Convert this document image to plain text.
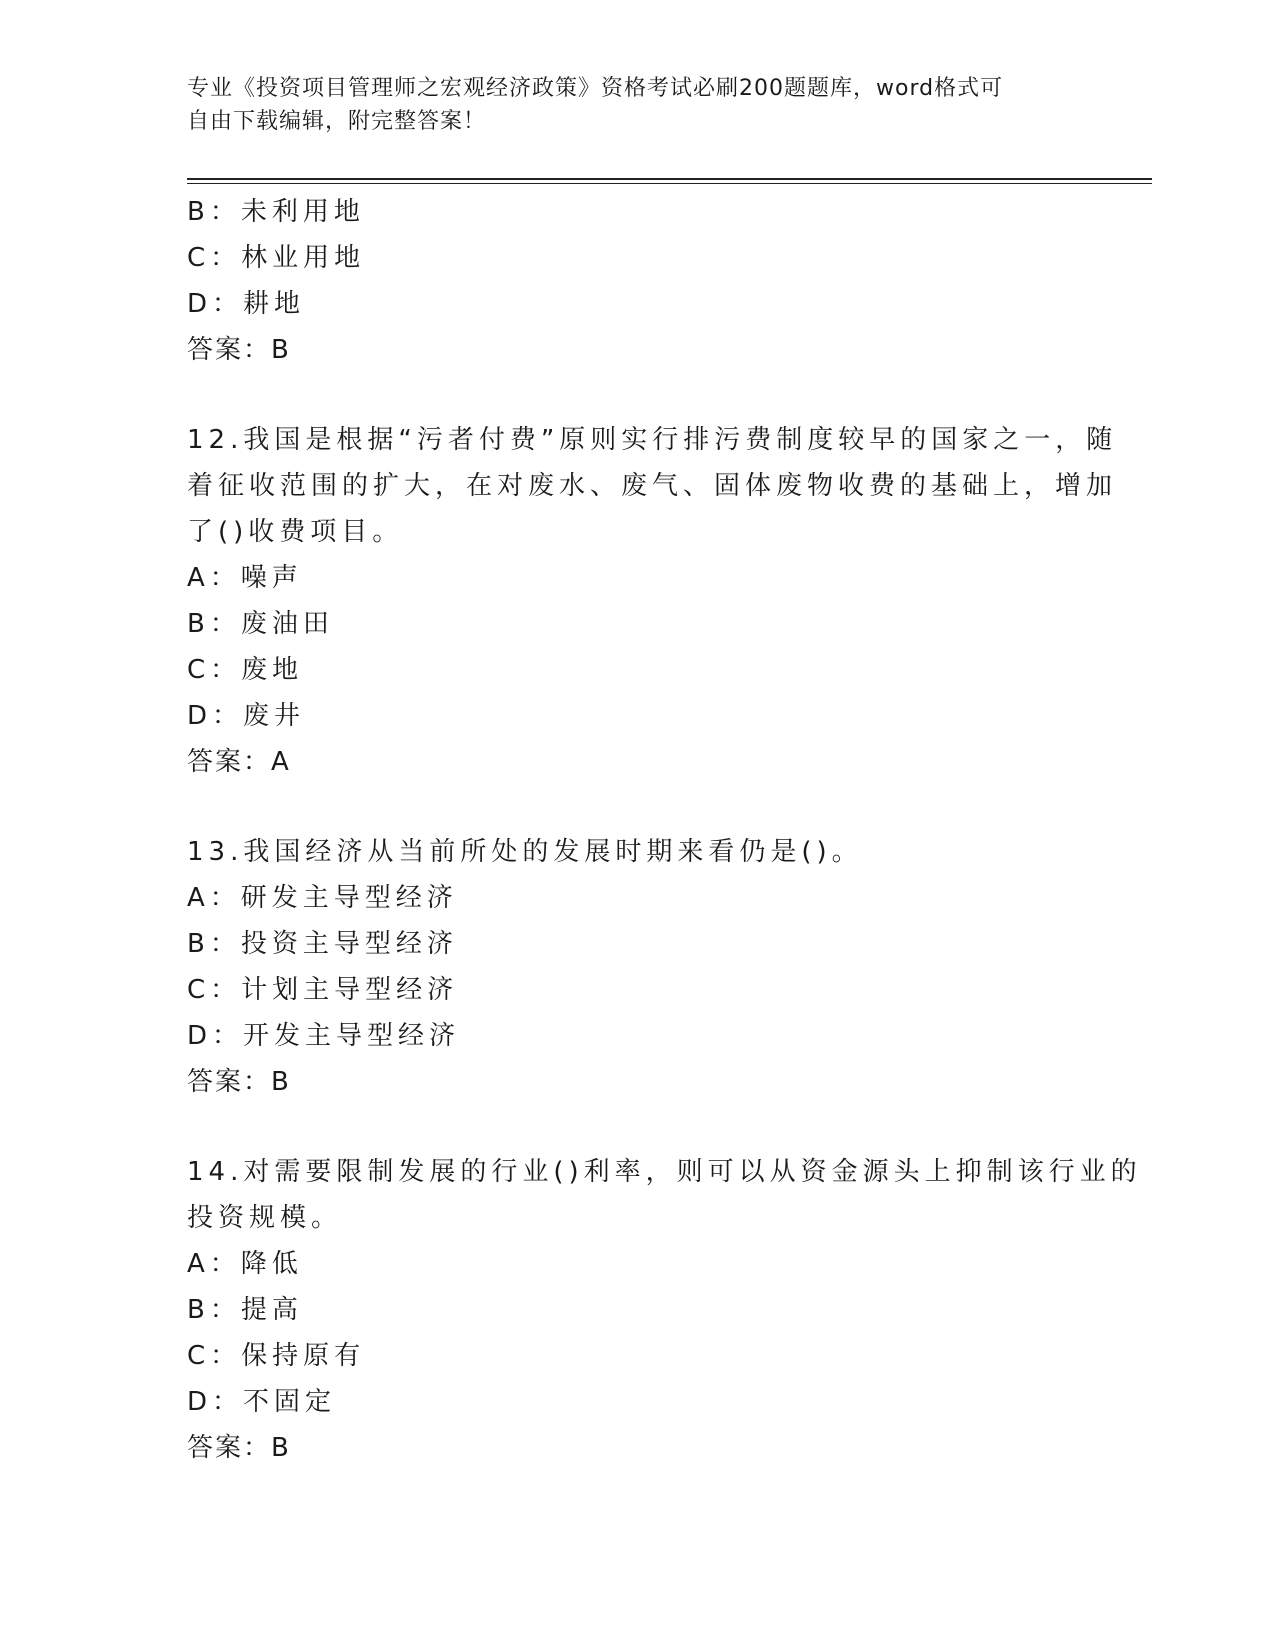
专业《投资项目管理师之宏观经济政策》资格考试必刷200题题库，word格式可
自由下载编辑，附完整答案！
B：未利用地
C：林业用地
D：耕地
答案：B
12.我国是根据“污者付费”原则实行排污费制度较早的国家之一，随
着征收范围的扩大，在对废水、废气、固体废物收费的基础上，增加
了()收费项目。
A：噪声
B：废油田
C：废地
D：废井
答案：A
13.我国经济从当前所处的发展时期来看仍是()。
A：研发主导型经济
B：投资主导型经济
C：计划主导型经济
D：开发主导型经济
答案：B
14.对需要限制发展的行业()利率，则可以从资金源头上抑制该行业的
投资规模。
A：降低
B：提高
C：保持原有
D：不固定
答案：B
